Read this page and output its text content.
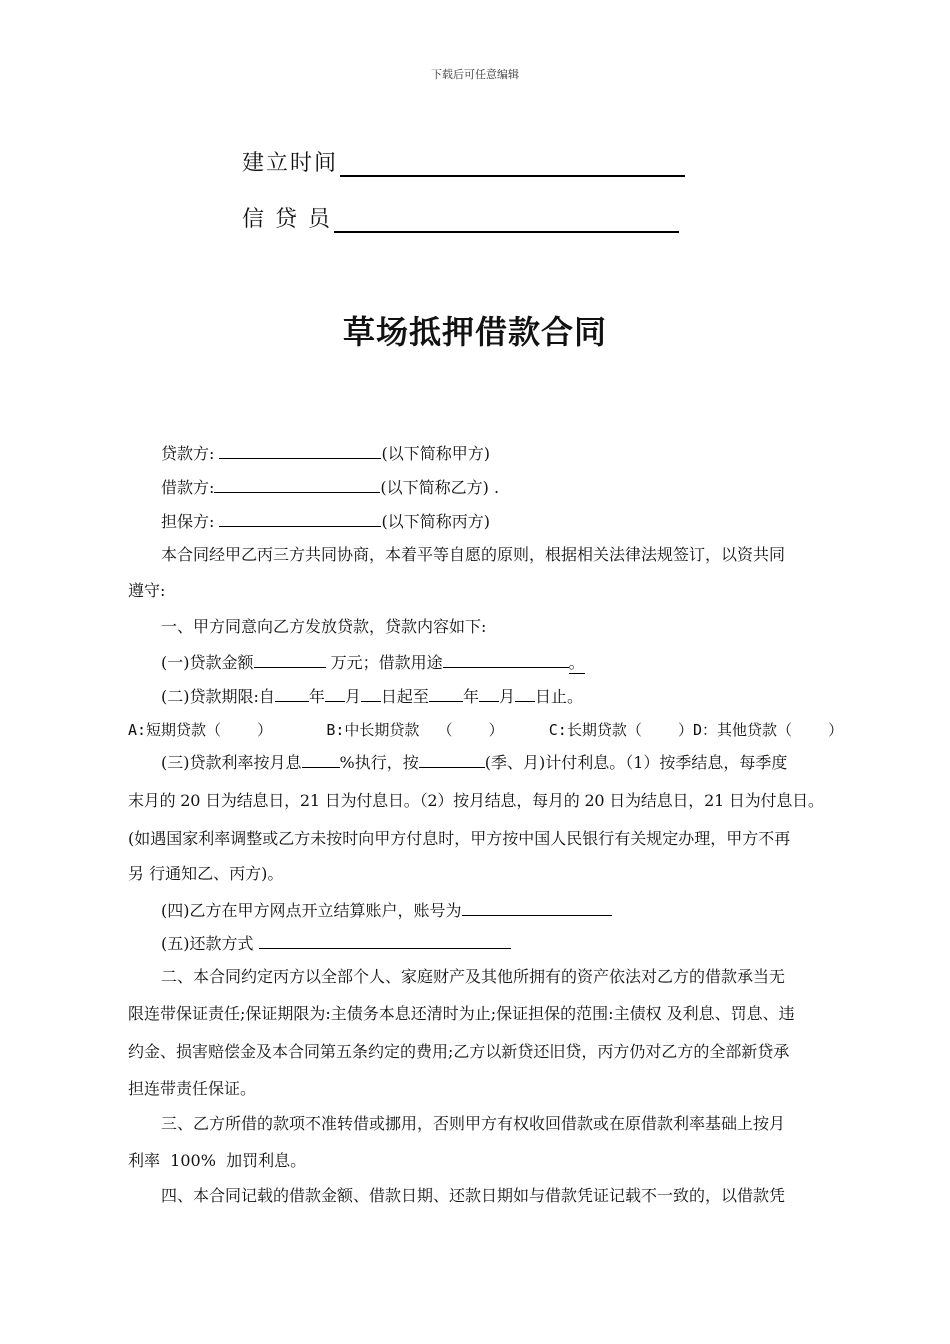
下载后可任意编辑
建立时间
信 贷 员
草场抵押借款合同
贷款方:	(以下简称甲方)
借款方:	(以下简称乙方) .
担保方:	(以下简称丙方)
本合同经甲乙丙三方共同协商，本着平等自愿的原则，根据相关法律法规签订，以资共同
遵守:
一、甲方同意向乙方发放贷款，贷款内容如下:
(一)贷款金额	万元；借款用途	。
(二)贷款期限:自 年 月 日起至 年 月 日止。
A:短期贷款（    ）      B:中长期贷款  （    ）     C:长期贷款（    ）D：其他贷款（    ）
(三)贷款利率按月息 %执行，按	(季、月)计付利息。（1）按季结息，每季度
末月的 20 日为结息日，21 日为付息日。（2）按月结息，每月的 20 日为结息日，21 日为付息日。
(如遇国家利率调整或乙方未按时向甲方付息时，甲方按中国人民银行有关规定办理，甲方不再
另 行通知乙、丙方)。
(四)乙方在甲方网点开立结算账户，账号为
(五)还款方式
二、本合同约定丙方以全部个人、家庭财产及其他所拥有的资产依法对乙方的借款承当无
限连带保证责任;保证期限为:主债务本息还清时为止;保证担保的范围:主债权 及利息、罚息、违
约金、损害赔偿金及本合同第五条约定的费用;乙方以新贷还旧贷，丙方仍对乙方的全部新贷承
担连带责任保证。
三、乙方所借的款项不准转借或挪用，否则甲方有权收回借款或在原借款利率基础上按月
利率  100%  加罚利息。
四、本合同记载的借款金额、借款日期、还款日期如与借款凭证记载不一致的，以借款凭
